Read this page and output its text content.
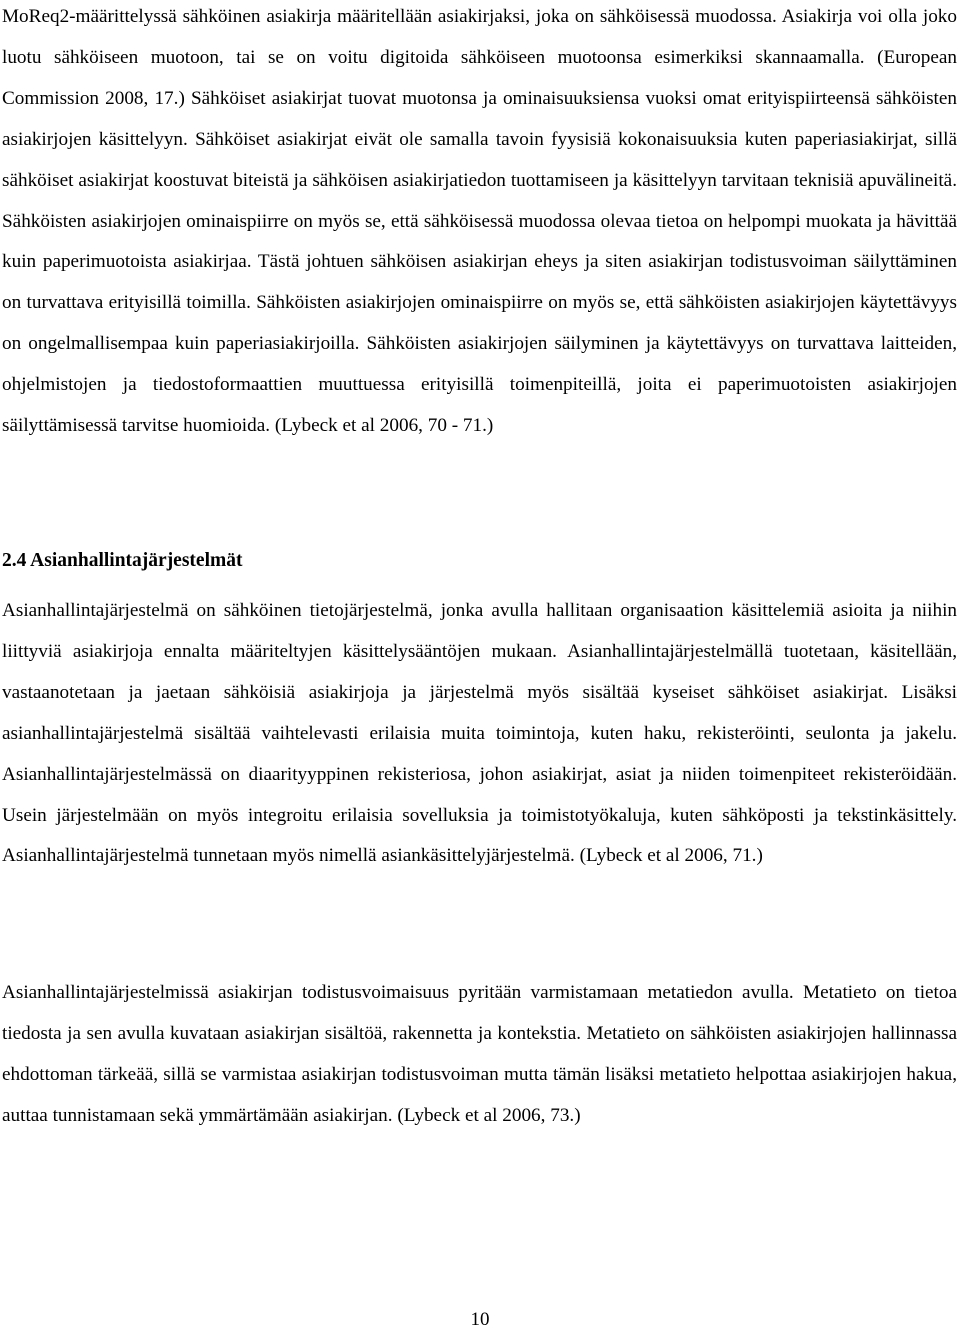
MoReq2-määrittelyssä sähköinen asiakirja määritellään asiakirjaksi, joka on sähköisessä muodossa. Asiakirja voi olla joko luotu sähköiseen muotoon, tai se on voitu digitoida sähköiseen muotoonsa esimerkiksi skannaamalla. (European Commission 2008, 17.) Sähköiset asiakirjat tuovat muotonsa ja ominaisuuksiensa vuoksi omat erityispiirteensä sähköisten asiakirjojen käsittelyyn. Sähköiset asiakirjat eivät ole samalla tavoin fyysisiä kokonaisuuksia kuten paperiasiakirjat, sillä sähköiset asiakirjat koostuvat biteistä ja sähköisen asiakirjatiedon tuottamiseen ja käsittelyyn tarvitaan teknisiä apuvälineitä. Sähköisten asiakirjojen ominaispiirre on myös se, että sähköisessä muodossa olevaa tietoa on helpompi muokata ja hävittää kuin paperimuotoista asiakirjaa. Tästä johtuen sähköisen asiakirjan eheys ja siten asiakirjan todistusvoiman säilyttäminen on turvattava erityisillä toimilla. Sähköisten asiakirjojen ominaispiirre on myös se, että sähköisten asiakirjojen käytettävyys on ongelmallisempaa kuin paperiasiakirjoilla. Sähköisten asiakirjojen säilyminen ja käytettävyys on turvattava laitteiden, ohjelmistojen ja tiedostoformaattien muuttuessa erityisillä toimenpiteillä, joita ei paperimuotoisten asiakirjojen säilyttämisessä tarvitse huomioida. (Lybeck et al 2006, 70 - 71.)

2.4 Asianhallintajärjestelmät

Asianhallintajärjestelmä on sähköinen tietojärjestelmä, jonka avulla hallitaan organisaation käsittelemiä asioita ja niihin liittyviä asiakirjoja ennalta määriteltyjen käsittelysääntöjen mukaan. Asianhallintajärjestelmällä tuotetaan, käsitellään, vastaanotetaan ja jaetaan sähköisiä asiakirjoja ja järjestelmä myös sisältää kyseiset sähköiset asiakirjat. Lisäksi asianhallintajärjestelmä sisältää vaihtelevasti erilaisia muita toimintoja, kuten haku, rekisteröinti, seulonta ja jakelu. Asianhallintajärjestelmässä on diaarityyppinen rekisteriosa, johon asiakirjat, asiat ja niiden toimenpiteet rekisteröidään. Usein järjestelmään on myös integroitu erilaisia sovelluksia ja toimistotyökaluja, kuten sähköposti ja tekstinkäsittely. Asianhallintajärjestelmä tunnetaan myös nimellä asiankäsittelyjärjestelmä. (Lybeck et al 2006, 71.)

Asianhallintajärjestelmissä asiakirjan todistusvoimaisuus pyritään varmistamaan metatiedon avulla. Metatieto on tietoa tiedosta ja sen avulla kuvataan asiakirjan sisältöä, rakennetta ja kontekstia. Metatieto on sähköisten asiakirjojen hallinnassa ehdottoman tärkeää, sillä se varmistaa asiakirjan todistusvoiman mutta tämän lisäksi metatieto helpottaa asiakirjojen hakua, auttaa tunnistamaan sekä ymmärtämään asiakirjan. (Lybeck et al 2006, 73.)

10
